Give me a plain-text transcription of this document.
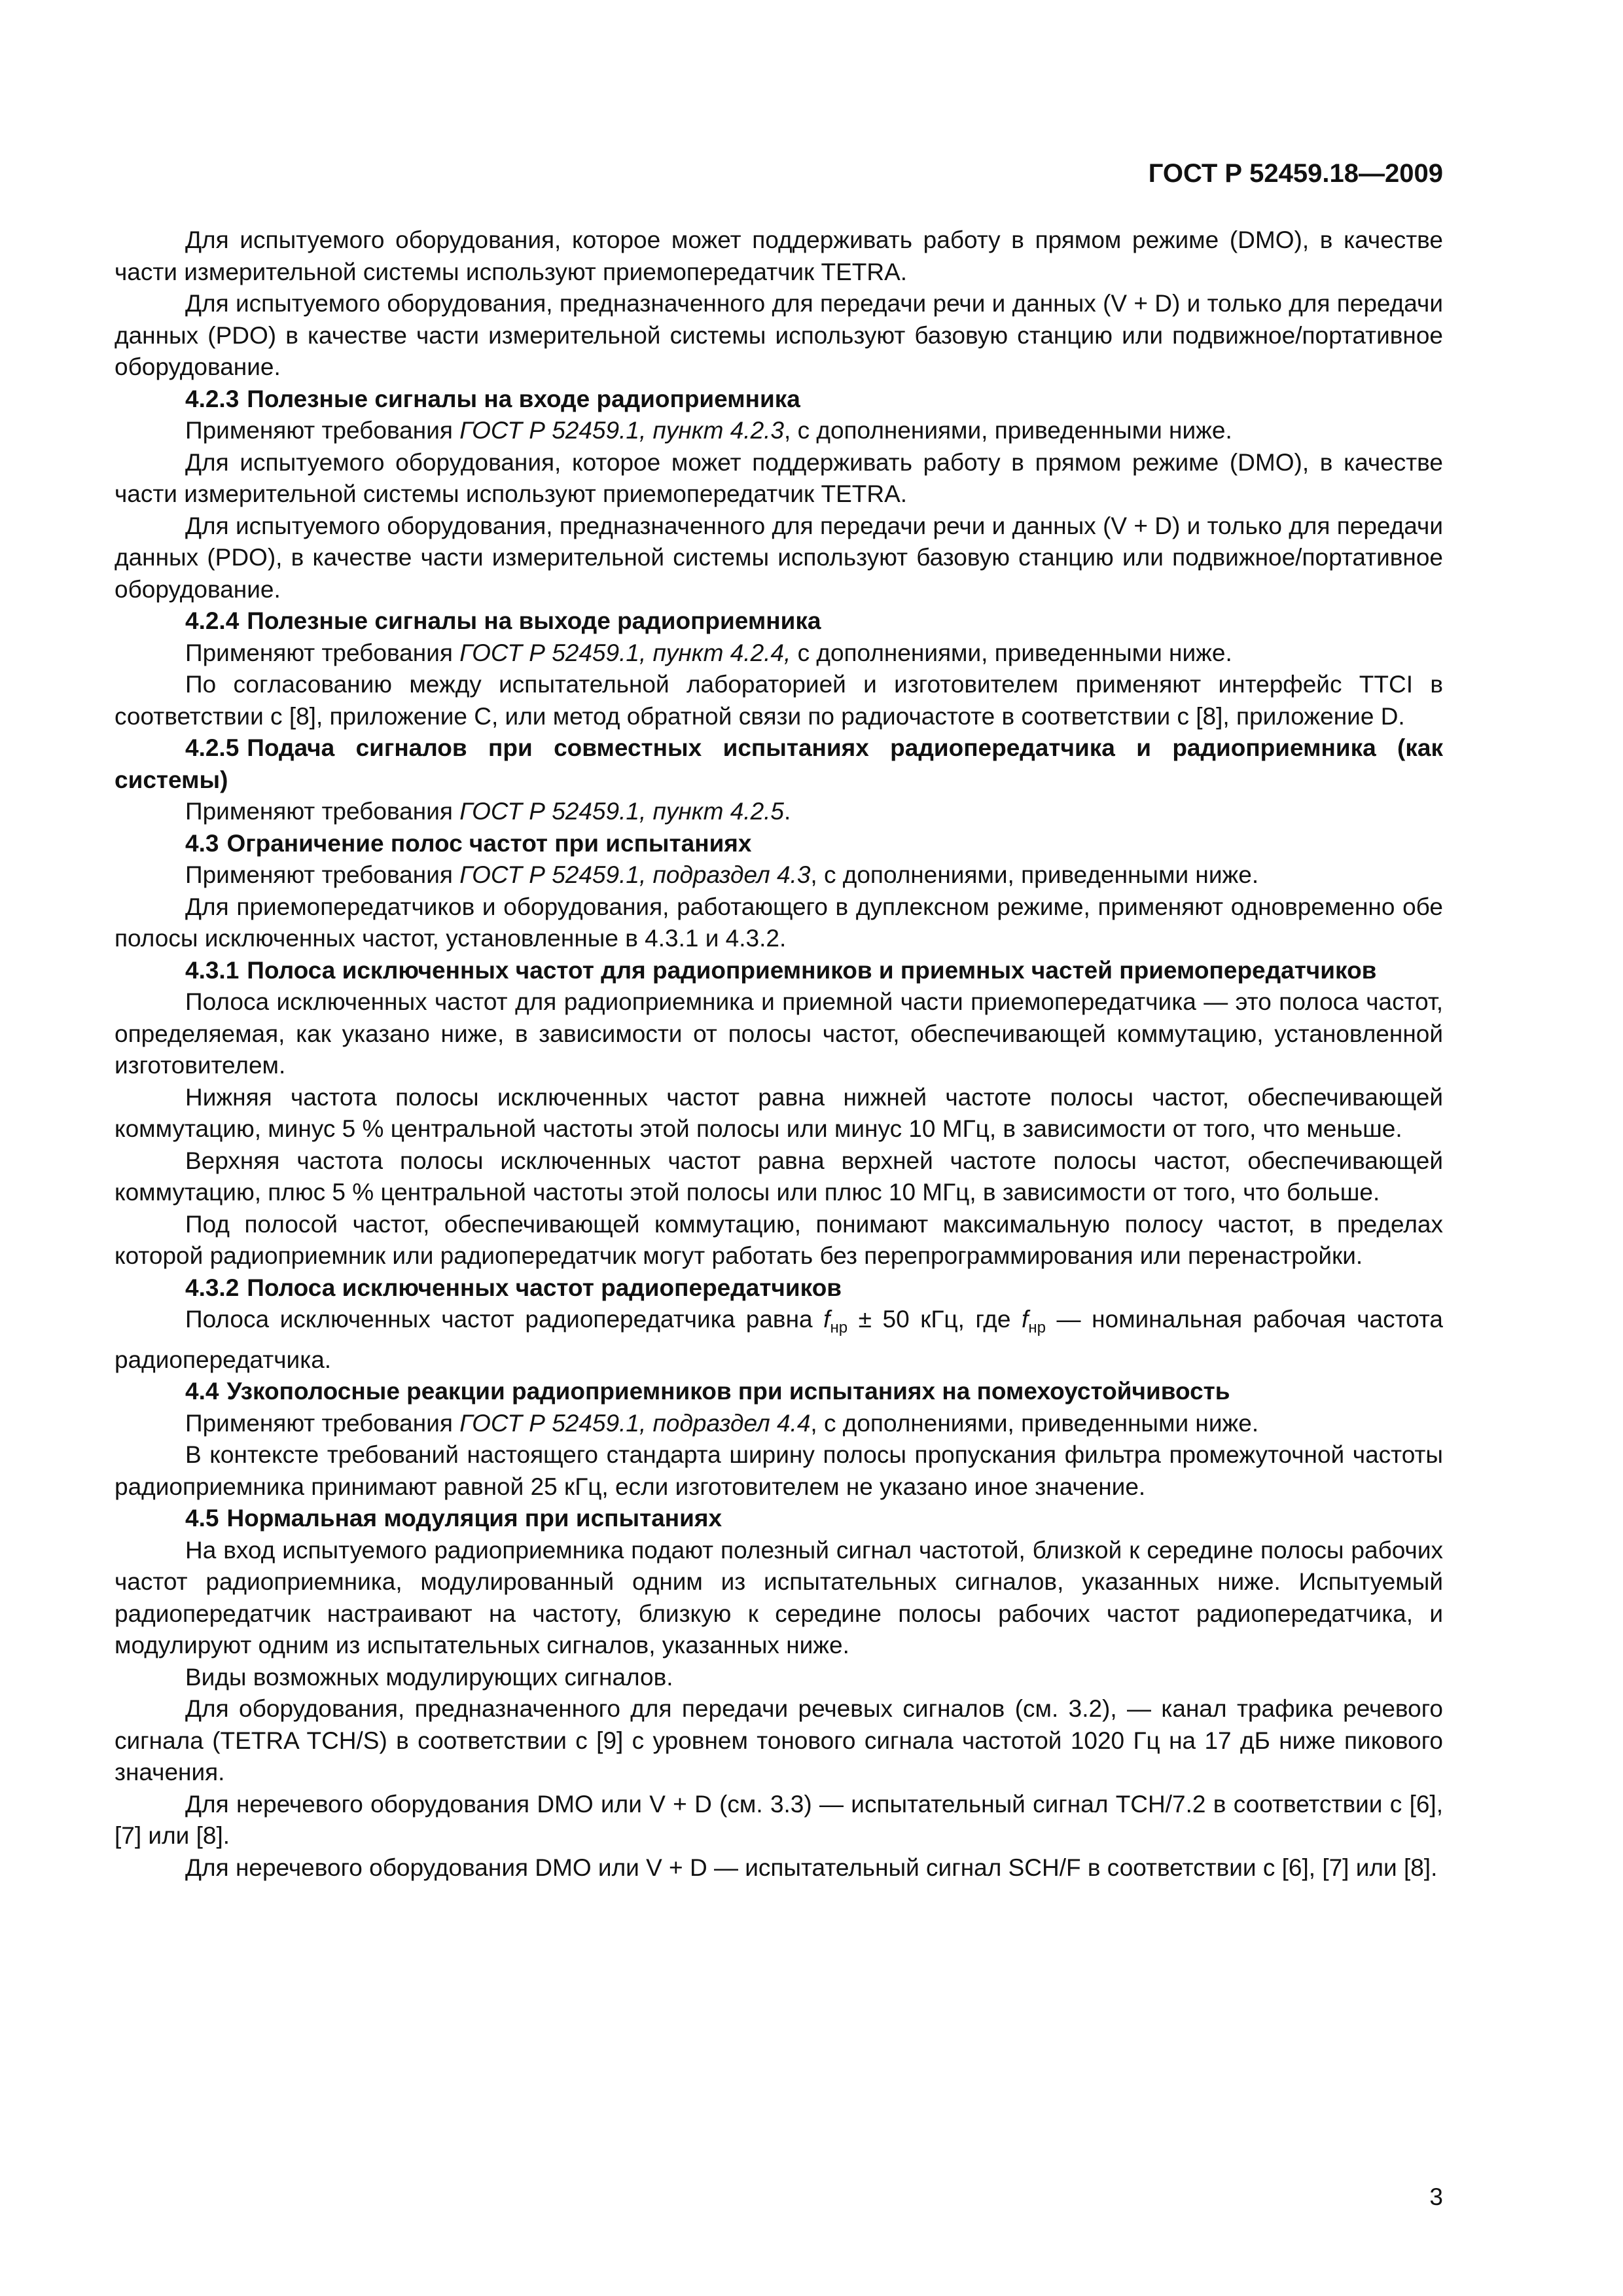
ГОСТ Р 52459.18—2009

Для испытуемого оборудования, которое может поддерживать работу в прямом режиме (DMO), в качестве части измерительной системы используют приемопередатчик TETRA.

Для испытуемого оборудования, предназначенного для передачи речи и данных (V + D) и только для передачи данных (PDO) в качестве части измерительной системы используют базовую станцию или подвижное/портативное оборудование.

4.2.3 Полезные сигналы на входе радиоприемника

Применяют требования ГОСТ Р 52459.1, пункт 4.2.3, с дополнениями, приведенными ниже.

Для испытуемого оборудования, которое может поддерживать работу в прямом режиме (DMO), в качестве части измерительной системы используют приемопередатчик TETRA.

Для испытуемого оборудования, предназначенного для передачи речи и данных (V + D) и только для передачи данных (PDO), в качестве части измерительной системы используют базовую станцию или подвижное/портативное оборудование.

4.2.4 Полезные сигналы на выходе радиоприемника

Применяют требования ГОСТ Р 52459.1, пункт 4.2.4, с дополнениями, приведенными ниже.

По согласованию между испытательной лабораторией и изготовителем применяют интерфейс TTCI в соответствии с [8], приложение C, или метод обратной связи по радиочастоте в соответствии с [8], приложение D.

4.2.5 Подача сигналов при совместных испытаниях радиопередатчика и радиоприемника (как системы)

Применяют требования ГОСТ Р 52459.1, пункт 4.2.5.

4.3 Ограничение полос частот при испытаниях

Применяют требования ГОСТ Р 52459.1, подраздел 4.3, с дополнениями, приведенными ниже.

Для приемопередатчиков и оборудования, работающего в дуплексном режиме, применяют одновременно обе полосы исключенных частот, установленные в 4.3.1 и 4.3.2.

4.3.1 Полоса исключенных частот для радиоприемников и приемных частей приемопередатчиков

Полоса исключенных частот для радиоприемника и приемной части приемопередатчика — это полоса частот, определяемая, как указано ниже, в зависимости от полосы частот, обеспечивающей коммутацию, установленной изготовителем.

Нижняя частота полосы исключенных частот равна нижней частоте полосы частот, обеспечивающей коммутацию, минус 5 % центральной частоты этой полосы или минус 10 МГц, в зависимости от того, что меньше.

Верхняя частота полосы исключенных частот равна верхней частоте полосы частот, обеспечивающей коммутацию, плюс 5 % центральной частоты этой полосы или плюс 10 МГц, в зависимости от того, что больше.

Под полосой частот, обеспечивающей коммутацию, понимают максимальную полосу частот, в пределах которой радиоприемник или радиопередатчик могут работать без перепрограммирования или перенастройки.

4.3.2 Полоса исключенных частот радиопередатчиков

Полоса исключенных частот радиопередатчика равна $f_{нр} \pm 50$ кГц, где $f_{нр}$ — номинальная рабочая частота радиопередатчика.

4.4 Узкополосные реакции радиоприемников при испытаниях на помехоустойчивость

Применяют требования ГОСТ Р 52459.1, подраздел 4.4, с дополнениями, приведенными ниже.

В контексте требований настоящего стандарта ширину полосы пропускания фильтра промежуточной частоты радиоприемника принимают равной 25 кГц, если изготовителем не указано иное значение.

4.5 Нормальная модуляция при испытаниях

На вход испытуемого радиоприемника подают полезный сигнал частотой, близкой к середине полосы рабочих частот радиоприемника, модулированный одним из испытательных сигналов, указанных ниже. Испытуемый радиопередатчик настраивают на частоту, близкую к середине полосы рабочих частот радиопередатчика, и модулируют одним из испытательных сигналов, указанных ниже.

Виды возможных модулирующих сигналов.

Для оборудования, предназначенного для передачи речевых сигналов (см. 3.2), — канал трафика речевого сигнала (TETRA TCH/S) в соответствии с [9] с уровнем тонового сигнала частотой 1020 Гц на 17 дБ ниже пикового значения.

Для неречевого оборудования DMO или V + D (см. 3.3) — испытательный сигнал TCH/7.2 в соответствии с [6], [7] или [8].

Для неречевого оборудования DMO или V + D — испытательный сигнал SCH/F в соответствии с [6], [7] или [8].

3
